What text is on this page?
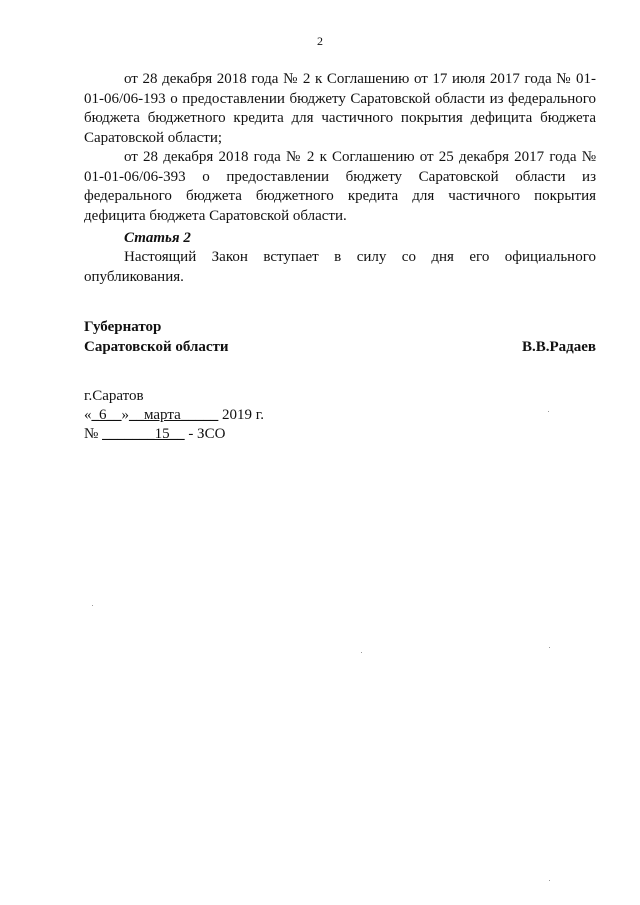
2

от 28 декабря 2018 года № 2 к Соглашению от 17 июля 2017 года № 01-01-06/06-193 о предоставлении бюджету Саратовской области из федерального бюджета бюджетного кредита для частичного покрытия дефицита бюджета Саратовской области;

от 28 декабря 2018 года № 2 к Соглашению от 25 декабря 2017 года № 01-01-06/06-393 о предоставлении бюджету Саратовской области из федерального бюджета бюджетного кредита для частичного покрытия дефицита бюджета Саратовской области.

Статья 2

Настоящий Закон вступает в силу со дня его официального опубликования.

Губернатор
Саратовской области	В.В.Радаев
г.Саратов
«_6__»__марта_____ 2019 г.
№ _______15__ - ЗСО
